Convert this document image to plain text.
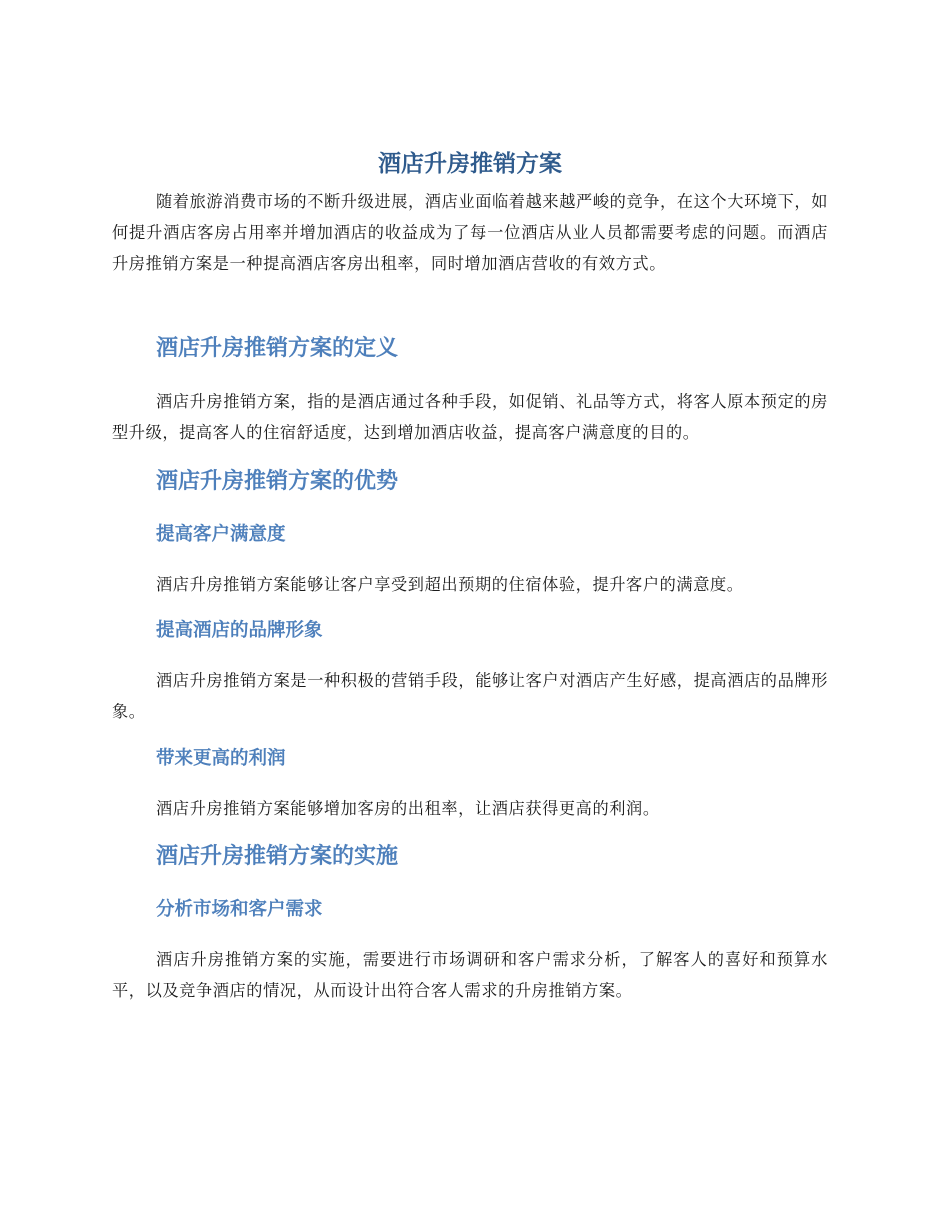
酒店升房推销方案

随着旅游消费市场的不断升级进展，酒店业面临着越来越严峻的竞争，在这个大环境下，如何提升酒店客房占用率并增加酒店的收益成为了每一位酒店从业人员都需要考虑的问题。而酒店升房推销方案是一种提高酒店客房出租率，同时增加酒店营收的有效方式。

酒店升房推销方案的定义

酒店升房推销方案，指的是酒店通过各种手段，如促销、礼品等方式，将客人原本预定的房型升级，提高客人的住宿舒适度，达到增加酒店收益，提高客户满意度的目的。

酒店升房推销方案的优势
提高客户满意度

酒店升房推销方案能够让客户享受到超出预期的住宿体验，提升客户的满意度。

提高酒店的品牌形象

酒店升房推销方案是一种积极的营销手段，能够让客户对酒店产生好感，提高酒店的品牌形象。

带来更高的利润

酒店升房推销方案能够增加客房的出租率，让酒店获得更高的利润。

酒店升房推销方案的实施
分析市场和客户需求

酒店升房推销方案的实施，需要进行市场调研和客户需求分析，了解客人的喜好和预算水平，以及竞争酒店的情况，从而设计出符合客人需求的升房推销方案。
